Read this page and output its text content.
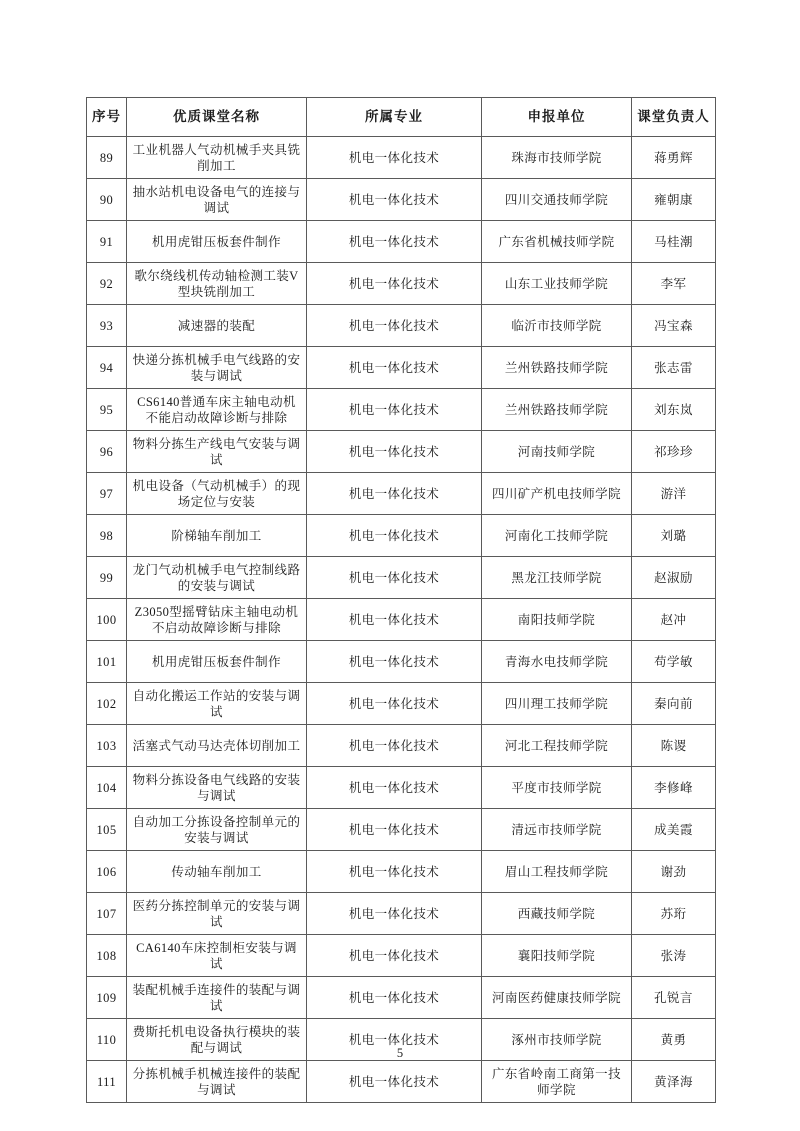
序号	优质课堂名称	所属专业	申报单位	课堂负责人
89	工业机器人气动机械手夹具铣削加工	机电一体化技术	珠海市技师学院	蒋勇辉
90	抽水站机电设备电气的连接与调试	机电一体化技术	四川交通技师学院	雍朝康
91	机用虎钳压板套件制作	机电一体化技术	广东省机械技师学院	马桂潮
92	歌尔绕线机传动轴检测工装V型块铣削加工	机电一体化技术	山东工业技师学院	李军
93	减速器的装配	机电一体化技术	临沂市技师学院	冯宝森
94	快递分拣机械手电气线路的安装与调试	机电一体化技术	兰州铁路技师学院	张志雷
95	CS6140普通车床主轴电动机不能启动故障诊断与排除	机电一体化技术	兰州铁路技师学院	刘东岚
96	物料分拣生产线电气安装与调试	机电一体化技术	河南技师学院	祁珍珍
97	机电设备（气动机械手）的现场定位与安装	机电一体化技术	四川矿产机电技师学院	游洋
98	阶梯轴车削加工	机电一体化技术	河南化工技师学院	刘璐
99	龙门气动机械手电气控制线路的安装与调试	机电一体化技术	黑龙江技师学院	赵淑励
100	Z3050型摇臂钻床主轴电动机不启动故障诊断与排除	机电一体化技术	南阳技师学院	赵冲
101	机用虎钳压板套件制作	机电一体化技术	青海水电技师学院	苟学敏
102	自动化搬运工作站的安装与调试	机电一体化技术	四川理工技师学院	秦向前
103	活塞式气动马达壳体切削加工	机电一体化技术	河北工程技师学院	陈谡
104	物料分拣设备电气线路的安装与调试	机电一体化技术	平度市技师学院	李修峰
105	自动加工分拣设备控制单元的安装与调试	机电一体化技术	清远市技师学院	成美霞
106	传动轴车削加工	机电一体化技术	眉山工程技师学院	谢劲
107	医药分拣控制单元的安装与调试	机电一体化技术	西藏技师学院	苏珩
108	CA6140车床控制柜安装与调试	机电一体化技术	襄阳技师学院	张涛
109	装配机械手连接件的装配与调试	机电一体化技术	河南医药健康技师学院	孔锐言
110	费斯托机电设备执行模块的装配与调试	机电一体化技术	涿州市技师学院	黄勇
111	分拣机械手机械连接件的装配与调试	机电一体化技术	广东省岭南工商第一技师学院	黄泽海
5
